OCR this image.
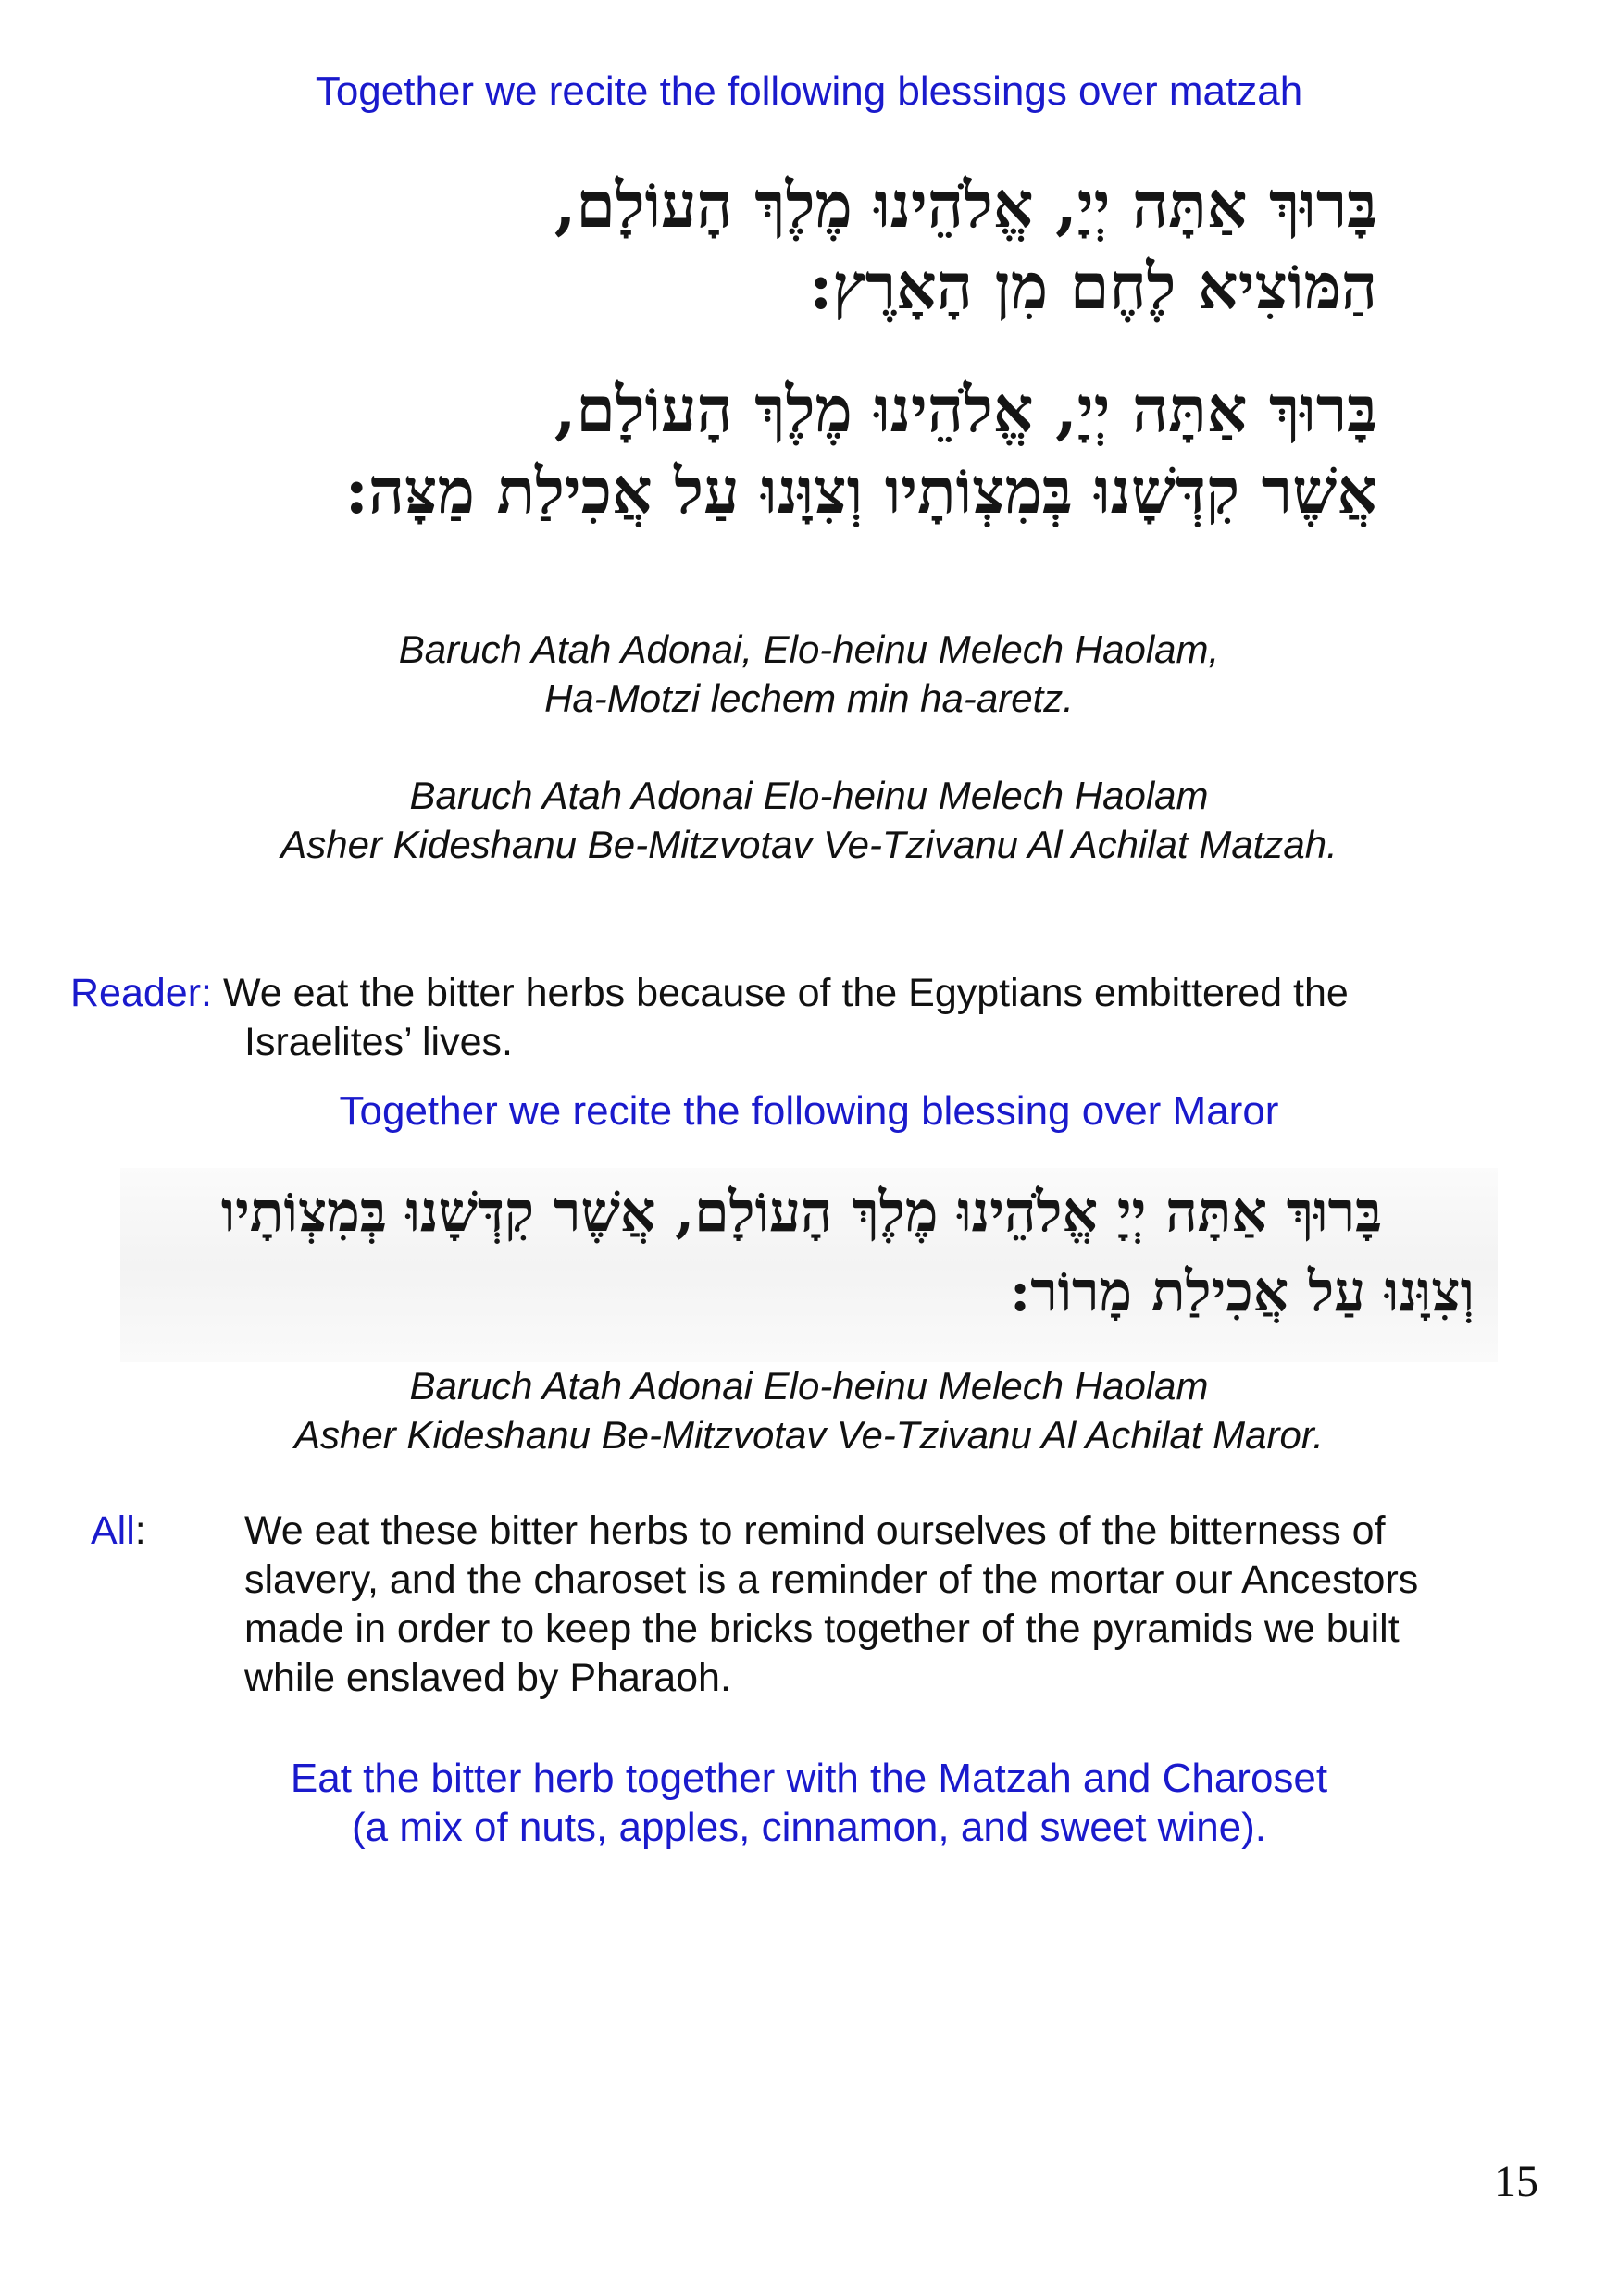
Together we recite the following blessings over matzah
בָּרוּךְ אַתָּה יְיָ, אֱלֹהֵינוּ מֶלֶךְ הָעוֹלָם,
הַמּוֹצִיא לֶחֶם מִן הָאָרֶץ:
בָּרוּךְ אַתָּה יְיָ, אֱלֹהֵינוּ מֶלֶךְ הָעוֹלָם,
אֲשֶׁר קִדְּשָׁנוּ בְּמִצְוֹתָיו וְצִוָּנוּ עַל אֲכִילַת מַצָּה:
Baruch Atah Adonai, Elo-heinu Melech Haolam,
Ha-Motzi lechem min ha-aretz.
Baruch Atah Adonai Elo-heinu Melech Haolam
Asher Kideshanu Be-Mitzvotav Ve-Tzivanu Al Achilat Matzah.
Reader: We eat the bitter herbs because of the Egyptians embittered the
Israelites’ lives.
Together we recite the following blessing over Maror
בָּרוּךְ אַתָּה יְיָ אֱלֹהֵינוּ מֶלֶךְ הָעוֹלָם, אֲשֶׁר קִדְּשָׁנוּ בְּמִצְוֹתָיו
וְצִוָּנוּ עַל אֲכִילַת מָרוֹר:
Baruch Atah Adonai Elo-heinu Melech Haolam
Asher Kideshanu Be-Mitzvotav Ve-Tzivanu Al Achilat Maror.
All: We eat these bitter herbs to remind ourselves of the bitterness of
slavery, and the charoset is a reminder of the mortar our Ancestors
made in order to keep the bricks together of the pyramids we built
while enslaved by Pharaoh.
Eat the bitter herb together with the Matzah and Charoset
(a mix of nuts, apples, cinnamon, and sweet wine).
15
